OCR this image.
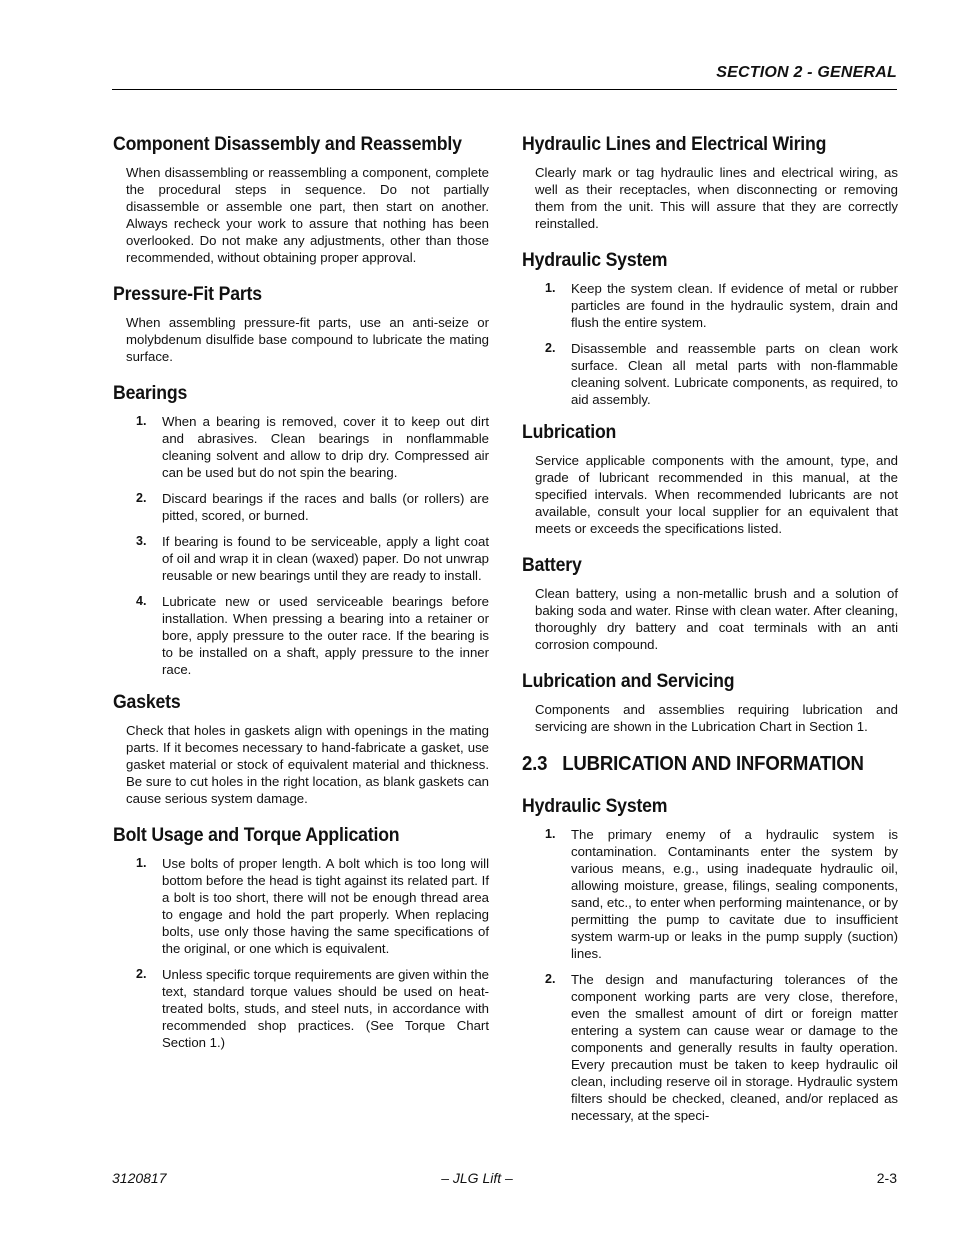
SECTION 2 - GENERAL
Component Disassembly and Reassembly

When disassembling or reassembling a component, complete the procedural steps in sequence. Do not partially disassemble or assemble one part, then start on another. Always recheck your work to assure that nothing has been overlooked. Do not make any adjustments, other than those recommended, without obtaining proper approval.

Pressure-Fit Parts

When assembling pressure-fit parts, use an anti-seize or molybdenum disulfide base compound to lubricate the mating surface.

Bearings
1. When a bearing is removed, cover it to keep out dirt and abrasives. Clean bearings in nonflammable cleaning solvent and allow to drip dry. Compressed air can be used but do not spin the bearing.
2. Discard bearings if the races and balls (or rollers) are pitted, scored, or burned.
3. If bearing is found to be serviceable, apply a light coat of oil and wrap it in clean (waxed) paper. Do not unwrap reusable or new bearings until they are ready to install.
4. Lubricate new or used serviceable bearings before installation. When pressing a bearing into a retainer or bore, apply pressure to the outer race. If the bearing is to be installed on a shaft, apply pressure to the inner race.
Gaskets

Check that holes in gaskets align with openings in the mating parts. If it becomes necessary to hand-fabricate a gasket, use gasket material or stock of equivalent material and thickness. Be sure to cut holes in the right location, as blank gaskets can cause serious system damage.

Bolt Usage and Torque Application
1. Use bolts of proper length. A bolt which is too long will bottom before the head is tight against its related part. If a bolt is too short, there will not be enough thread area to engage and hold the part properly. When replacing bolts, use only those having the same specifications of the original, or one which is equivalent.
2. Unless specific torque requirements are given within the text, standard torque values should be used on heat-treated bolts, studs, and steel nuts, in accordance with recommended shop practices. (See Torque Chart Section 1.)
Hydraulic Lines and Electrical Wiring

Clearly mark or tag hydraulic lines and electrical wiring, as well as their receptacles, when disconnecting or removing them from the unit. This will assure that they are correctly reinstalled.

Hydraulic System
1. Keep the system clean. If evidence of metal or rubber particles are found in the hydraulic system, drain and flush the entire system.
2. Disassemble and reassemble parts on clean work surface. Clean all metal parts with non-flammable cleaning solvent. Lubricate components, as required, to aid assembly.
Lubrication

Service applicable components with the amount, type, and grade of lubricant recommended in this manual, at the specified intervals. When recommended lubricants are not available, consult your local supplier for an equivalent that meets or exceeds the specifications listed.

Battery

Clean battery, using a non-metallic brush and a solution of baking soda and water. Rinse with clean water. After cleaning, thoroughly dry battery and coat terminals with an anti corrosion compound.

Lubrication and Servicing

Components and assemblies requiring lubrication and servicing are shown in the Lubrication Chart in Section 1.

2.3   LUBRICATION AND INFORMATION
Hydraulic System
1. The primary enemy of a hydraulic system is contamination. Contaminants enter the system by various means, e.g., using inadequate hydraulic oil, allowing moisture, grease, filings, sealing components, sand, etc., to enter when performing maintenance, or by permitting the pump to cavitate due to insufficient system warm-up or leaks in the pump supply (suction) lines.
2. The design and manufacturing tolerances of the component working parts are very close, therefore, even the smallest amount of dirt or foreign matter entering a system can cause wear or damage to the components and generally results in faulty operation. Every precaution must be taken to keep hydraulic oil clean, including reserve oil in storage. Hydraulic system filters should be checked, cleaned, and/or replaced as necessary, at the speci-
– JLG Lift –
3120817	2-3
